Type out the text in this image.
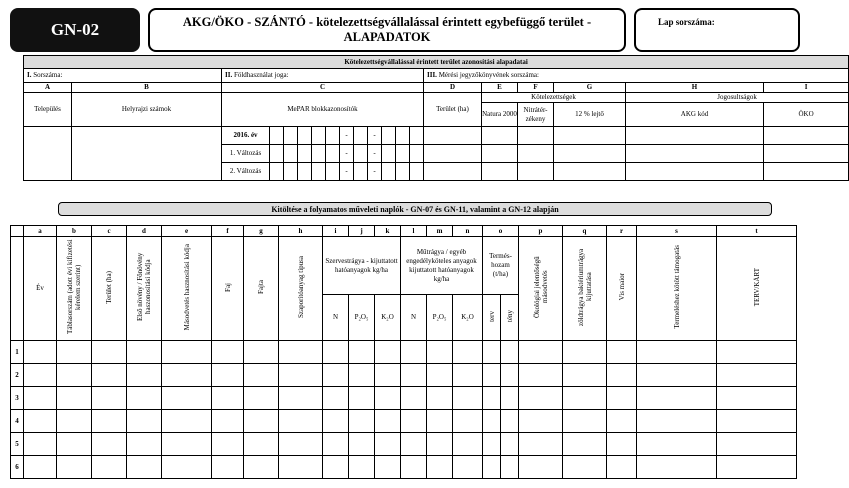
GN-02	AKG/ÖKO - SZÁNTÓ - kötelezettségvállalással érintett egybefüggő terület -
ALAPADATOK
Lap sorszáma:
Kötelezettségvállalással érintett terület azonosítási alapadatai																			
I. Sorszáma:		II. Földhasználat joga:												III. Mérési jegyzőkönyvének sorszáma:					
A	B	C												D	E	F	G	H	I
Település	Helyrajzi számok	MePAR blokkazonosítók												Terület (ha)	Kötelezettségek			Jogosultságok	
															Natura 2000	Nitrátér-zékeny	12 % lejtő	AKG kód	ÖKO
		2016. év						-		-									
		1. Változás						-		-									
		2. Változás						-		-									
Kitöltése a folyamatos műveleti naplók - GN-07 és GN-11, valamint a GN-12 alapján
	a	b	c	d	e	f	g	h	i	j	k	l	m	n	o		p	q	r	s	t
	Év	Táblasorszám (adott évi kifizetési kérelem szerint)	Terület (ha)	Elsô növény / Fônövény haszonosítási kódja	Másodvetés hasznosítási kódja	Faj	Fajta	Szaporítóanyag típusa	Szervestrágya - kijuttatott hatóanyagok kg/ha			Műtrágya / egyéb engedélyköteles anyagok kijuttatott hatóanyagok kg/ha			Termés-hozam (t/ha)		Ökológiai jelentőségű másodvetés	zöldtrágya baktériumtrágya kijuttatása	Vis maior	Termeléshez kötött támogatás	TERV/KÁRT
									N	P₂O₅	K₂O	N	P₂O₅	K₂O	terv	tény					
1																					
2																					
3																					
4																					
5																					
6																					
